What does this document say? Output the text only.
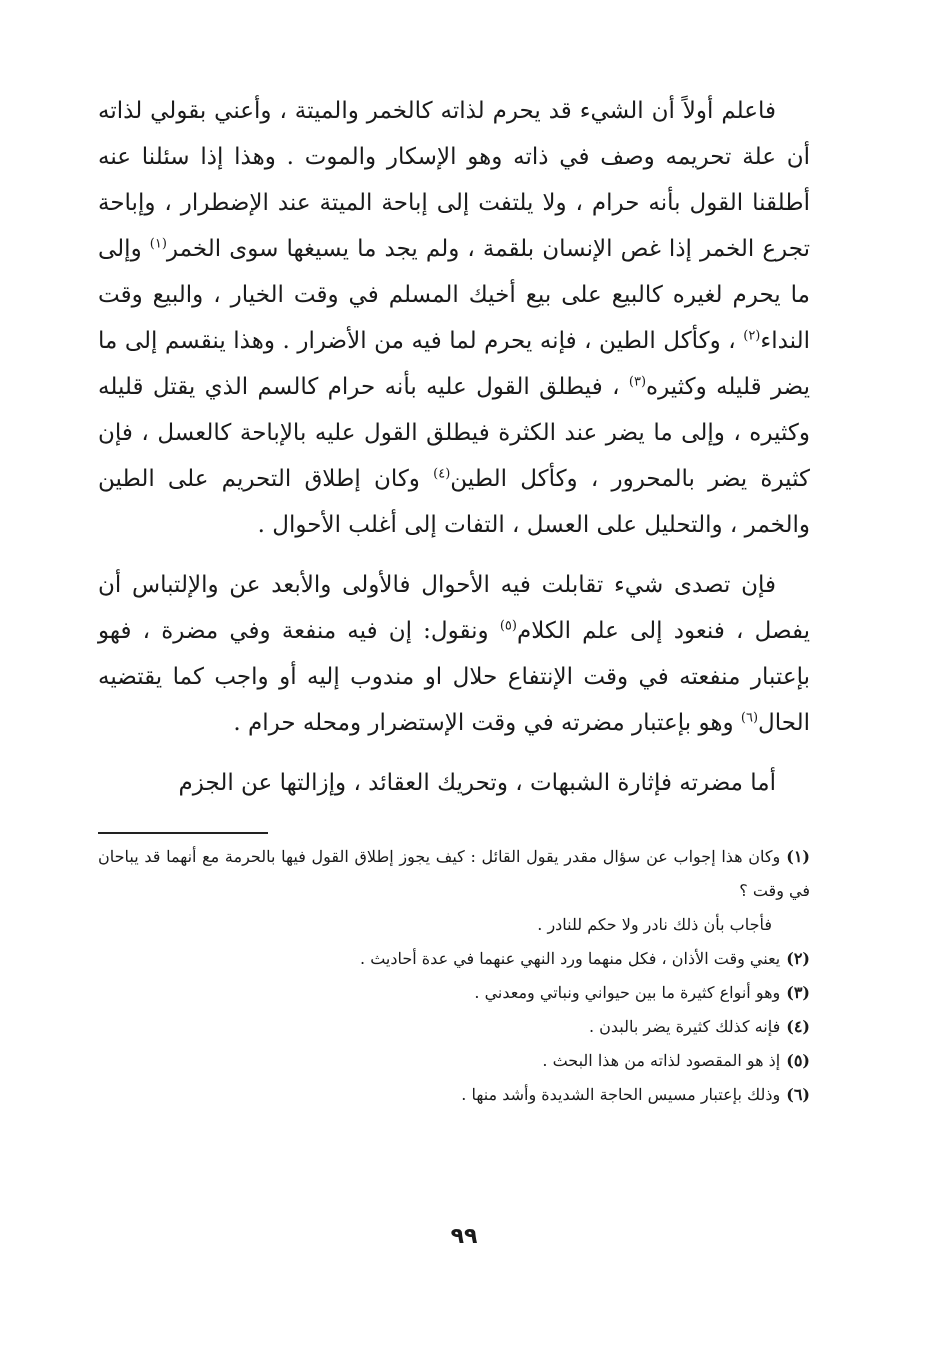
فاعلم أولاً أن الشيء قد يحرم لذاته كالخمر والميتة ، وأعني بقولي لذاته أن علة تحريمه وصف في ذاته وهو الإسكار والموت . وهذا إذا سئلنا عنه أطلقنا القول بأنه حرام ، ولا يلتفت إلى إباحة الميتة عند الإضطرار ، وإباحة تجرع الخمر إذا غص الإنسان بلقمة ، ولم يجد ما يسيغها سوى الخمر$^{(١)}$ وإلى ما يحرم لغيره كالبيع على بيع أخيك المسلم في وقت الخيار ، والبيع وقت النداء$^{(٢)}$ ، وكأكل الطين ، فإنه يحرم لما فيه من الأضرار . وهذا ينقسم إلى ما يضر قليله وكثيره$^{(٣)}$ ، فيطلق القول عليه بأنه حرام كالسم الذي يقتل قليله وكثيره ، وإلى ما يضر عند الكثرة فيطلق القول عليه بالإباحة كالعسل ، فإن كثيرة يضر بالمحرور ، وكأكل الطين$^{(٤)}$ وكان إطلاق التحريم على الطين والخمر ، والتحليل على العسل ، التفات إلى أغلب الأحوال .

فإن تصدى شيء تقابلت فيه الأحوال فالأولى والأبعد عن والإلتباس أن يفصل ، فنعود إلى علم الكلام$^{(٥)}$ ونقول: إن فيه منفعة وفي مضرة ، فهو بإعتبار منفعته في وقت الإنتفاع حلال او مندوب إليه أو واجب كما يقتضيه الحال$^{(٦)}$ وهو بإعتبار مضرته في وقت الإستضرار ومحله حرام .

أما مضرته فإثارة الشبهات ، وتحريك العقائد ، وإزالتها عن الجزم

(١)وكان هذا إجواب عن سؤال مقدر يقول القائل : كيف يجوز إطلاق القول فيها بالحرمة مع أنهما قد يباحان في وقت ؟

فأجاب بأن ذلك نادر ولا حكم للنادر .

(٢)يعني وقت الأذان ، فكل منهما ورد النهي عنهما في عدة أحاديث .

(٣)وهو أنواع كثيرة ما بين حيواني ونباتي ومعدني .

(٤)فإنه كذلك كثيرة يضر بالبدن .

(٥)إذ هو المقصود لذاته من هذا البحث .

(٦)وذلك بإعتبار مسيس الحاجة الشديدة وأشد منها .

٩٩
